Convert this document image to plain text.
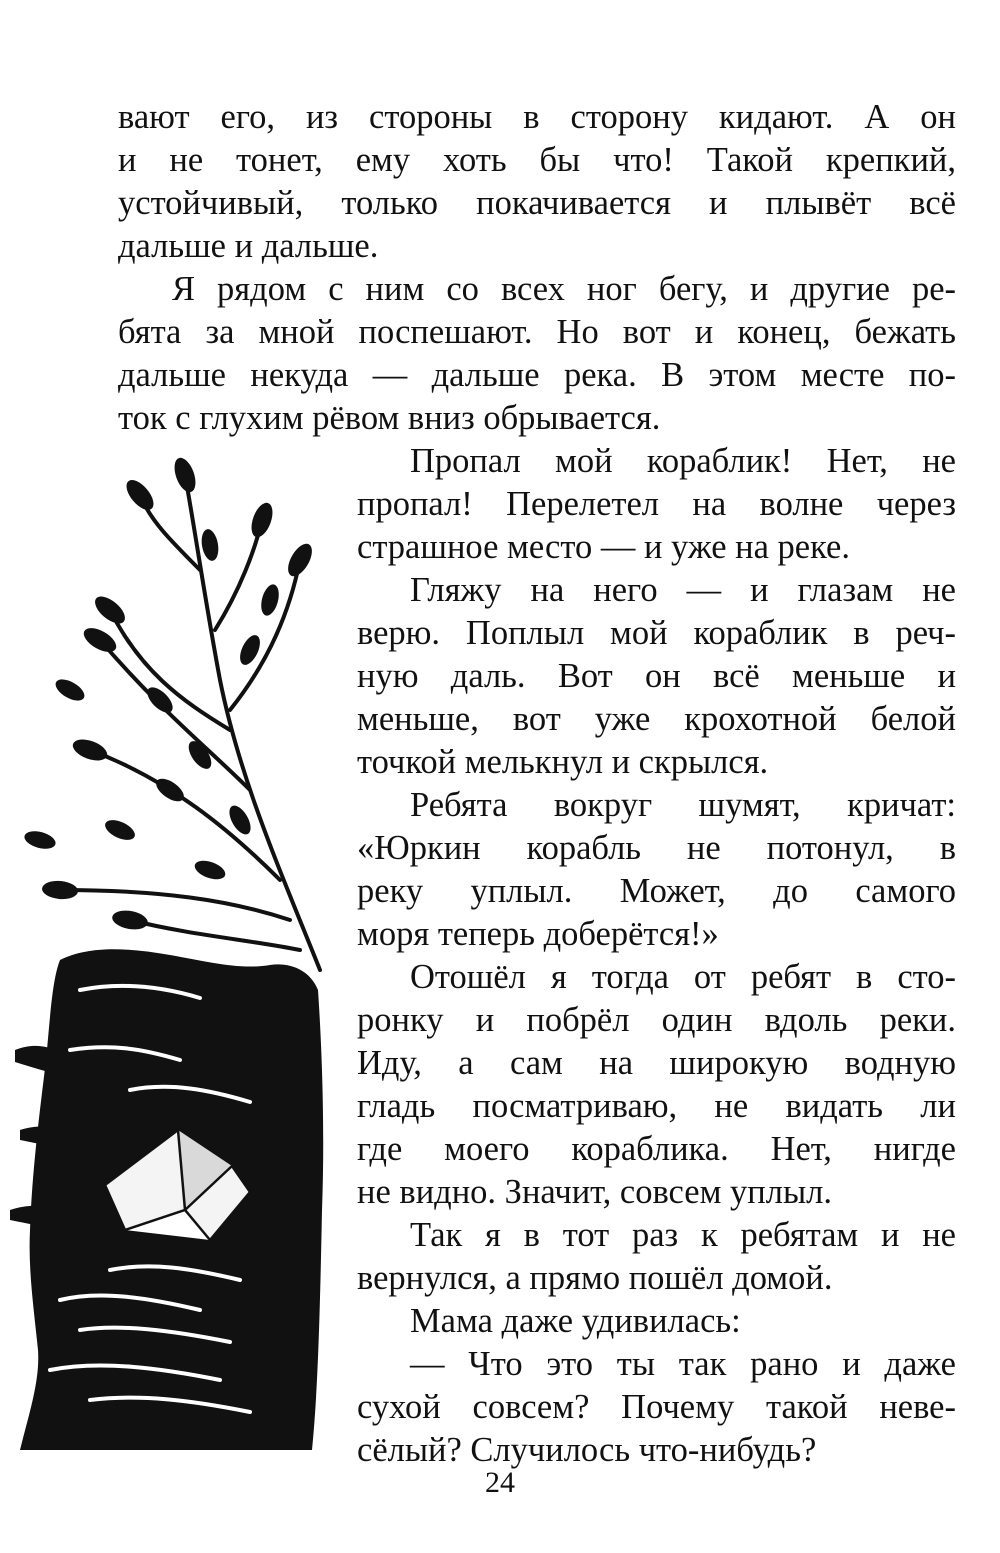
вают его, из стороны в сторону кидают. А он
и не тонет, ему хоть бы что! Такой крепкий,
устойчивый, только покачивается и плывёт всё
дальше и дальше.
Я рядом с ним со всех ног бегу, и другие ре-
бята за мной поспешают. Но вот и конец, бежать
дальше некуда — дальше река. В этом месте по-
ток с глухим рёвом вниз обрывается.
Пропал мой кораблик! Нет, не
пропал! Перелетел на волне через
страшное место — и уже на реке.
Гляжу на него — и глазам не
верю. Поплыл мой кораблик в реч-
ную даль. Вот он всё меньше и
меньше, вот уже крохотной белой
точкой мелькнул и скрылся.
Ребята вокруг шумят, кричат:
«Юркин корабль не потонул, в
реку уплыл. Может, до самого
моря теперь доберётся!»
Отошёл я тогда от ребят в сто-
ронку и побрёл один вдоль реки.
Иду, а сам на широкую водную
гладь посматриваю, не видать ли
где моего кораблика. Нет, нигде
не видно. Значит, совсем уплыл.
Так я в тот раз к ребятам и не
вернулся, а прямо пошёл домой.
Мама даже удивилась:
— Что это ты так рано и даже
сухой совсем? Почему такой неве-
сёлый? Случилось что-нибудь?
24
